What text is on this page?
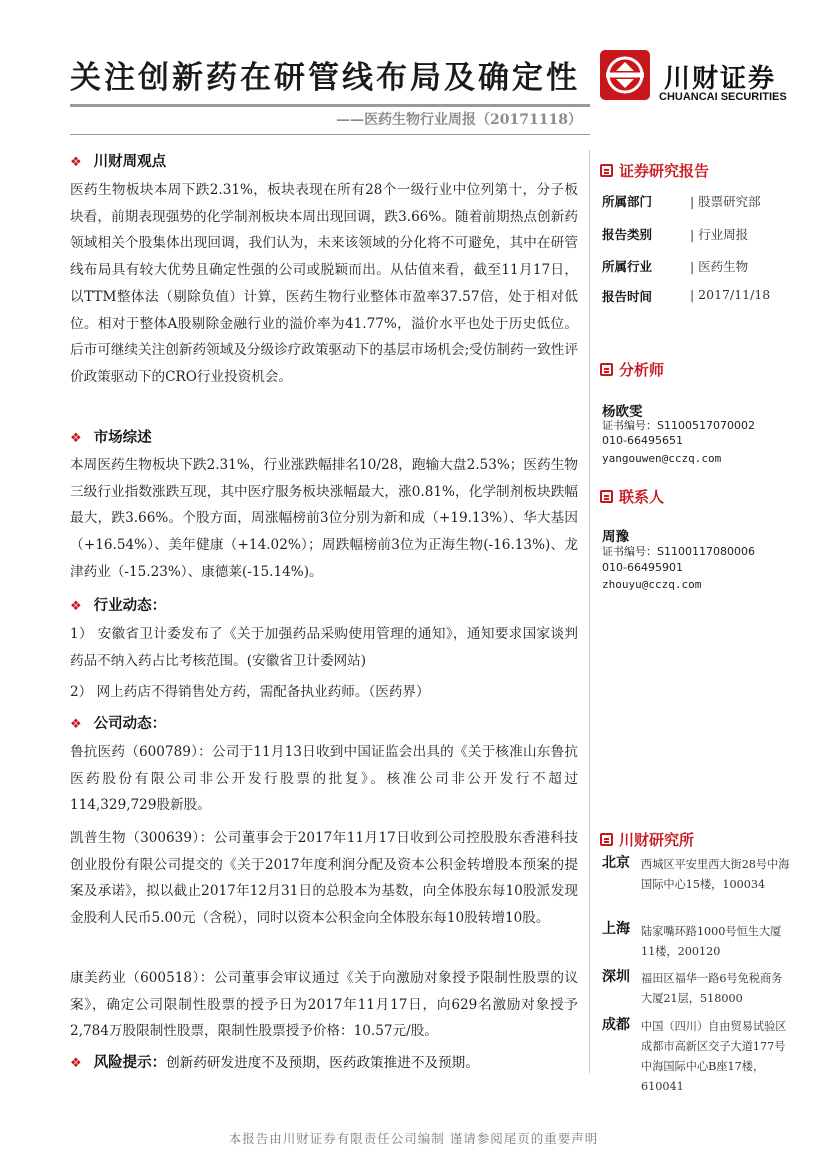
关注创新药在研管线布局及确定性	川财证券
CHUANCAI SECURITIES
——医药生物行业周报（20171118）
❖ 川财周观点
医药生物板块本周下跌2.31%，板块表现在所有28个一级行业中位列第十，分子板块看，前期表现强势的化学制剂板块本周出现回调，跌3.66%。随着前期热点创新药领域相关个股集体出现回调，我们认为，未来该领域的分化将不可避免，其中在研管线布局具有较大优势且确定性强的公司或脱颖而出。从估值来看，截至11月17日，以TTM整体法（剔除负值）计算，医药生物行业整体市盈率37.57倍，处于相对低位。相对于整体A股剔除金融行业的溢价率为41.77%，溢价水平也处于历史低位。后市可继续关注创新药领域及分级诊疗政策驱动下的基层市场机会;受仿制药一致性评价政策驱动下的CRO行业投资机会。
❖ 市场综述
本周医药生物板块下跌2.31%，行业涨跌幅排名10/28，跑输大盘2.53%；医药生物三级行业指数涨跌互现，其中医疗服务板块涨幅最大，涨0.81%，化学制剂板块跌幅最大，跌3.66%。个股方面，周涨幅榜前3位分别为新和成（+19.13%）、华大基因（+16.54%）、美年健康（+14.02%）；周跌幅榜前3位为正海生物(-16.13%)、龙津药业（-15.23%）、康德莱(-15.14%)。
❖ 行业动态：
1） 安徽省卫计委发布了《关于加强药品采购使用管理的通知》，通知要求国家谈判药品不纳入药占比考核范围。(安徽省卫计委网站)
2） 网上药店不得销售处方药，需配备执业药师。（医药界）
❖ 公司动态：
鲁抗医药（600789）：公司于11月13日收到中国证监会出具的《关于核准山东鲁抗医药股份有限公司非公开发行股票的批复》。核准公司非公开发行不超过114,329,729股新股。
凯普生物（300639）：公司董事会于2017年11月17日收到公司控股股东香港科技创业股份有限公司提交的《关于2017年度利润分配及资本公积金转增股本预案的提案及承诺》，拟以截止2017年12月31日的总股本为基数，向全体股东每10股派发现金股利人民币5.00元（含税），同时以资本公积金向全体股东每10股转增10股。
康美药业（600518）：公司董事会审议通过《关于向激励对象授予限制性股票的议案》，确定公司限制性股票的授予日为2017年11月17日，向629名激励对象授予2,784万股限制性股票，限制性股票授予价格：10.57元/股。
❖ 风险提示：创新药研发进度不及预期，医药政策推进不及预期。
证券研究报告
所属部门	| 股票研究部
报告类别	| 行业周报
所属行业	| 医药生物
报告时间	| 2017/11/18
分析师
杨欧雯
证书编号：S1100517070002
010-66495651
yangouwen@cczq.com
联系人
周豫
证书编号：S1100117080006
010-66495901
zhouyu@cczq.com
川财研究所
北京 西城区平安里西大街28号中海国际中心15楼，100034
上海 陆家嘴环路1000号恒生大厦11楼，200120
深圳 福田区福华一路6号免税商务大厦21层，518000
成都 中国（四川）自由贸易试验区成都市高新区交子大道177号中海国际中心B座17楼，610041
本报告由川财证券有限责任公司编制 谨请参阅尾页的重要声明
